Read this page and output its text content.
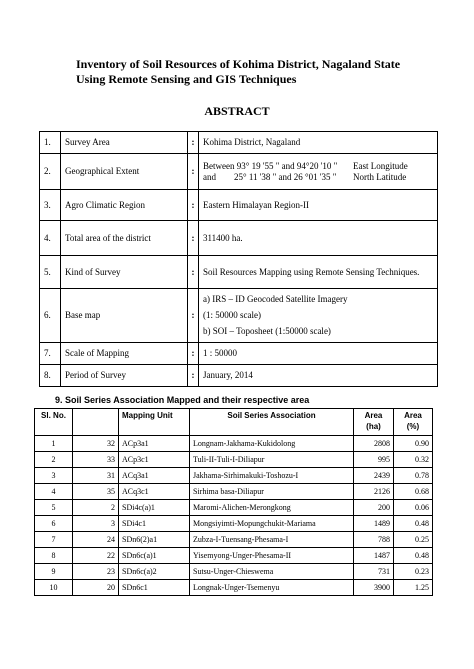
Inventory of Soil Resources of Kohima District, Nagaland State Using Remote Sensing and GIS Techniques

ABSTRACT

1.	Survey Area	:	Kohima District, Nagaland
2.	Geographical Extent	:	Between 93° 19 '55 " and 94°20 '10 " East Longitude
and        25° 11 '38 " and 26 °01 '35 " North Latitude

3.	Agro Climatic Region	:	Eastern Himalayan Region-II
4.	Total area of the district	:	311400 ha.
5.	Kind of Survey	:	Soil Resources Mapping using Remote Sensing Techniques.
6.	Base map	:	a) IRS – ID Geocoded Satellite Imagery
(1: 50000 scale)
b) SOI – Toposheet (1:50000 scale)

7.	Scale of Mapping	:	1 : 50000
8.	Period of Survey	:	January, 2014

9. Soil Series Association Mapped and their respective area

Sl. No.		Mapping Unit	Soil Series Association	Area (ha)	Area (%)
1	32	ACp3a1	Longnam-Jakhama-Kukidolong	2808	0.90
2	33	ACp3c1	Tuli-II-Tuli-I-Diliapur	995	0.32
3	31	ACq3a1	Jakhama-Sirhimakuki-Toshozu-I	2439	0.78
4	35	ACq3c1	Sirhima basa-Diliapur	2126	0.68
5	2	SDi4c(a)1	Maromi-Alichen-Merongkong	200	0.06
6	3	SDi4c1	Mongsiyimti-Mopungchukit-Mariama	1489	0.48
7	24	SDn6(2)a1	Zubza-I-Tuensang-Phesama-I	788	0.25
8	22	SDn6c(a)1	Yisemyong-Unger-Phesama-II	1487	0.48
9	23	SDn6c(a)2	Sutsu-Unger-Chieswema	731	0.23
10	20	SDn6c1	Longnak-Unger-Tsemenyu	3900	1.25
